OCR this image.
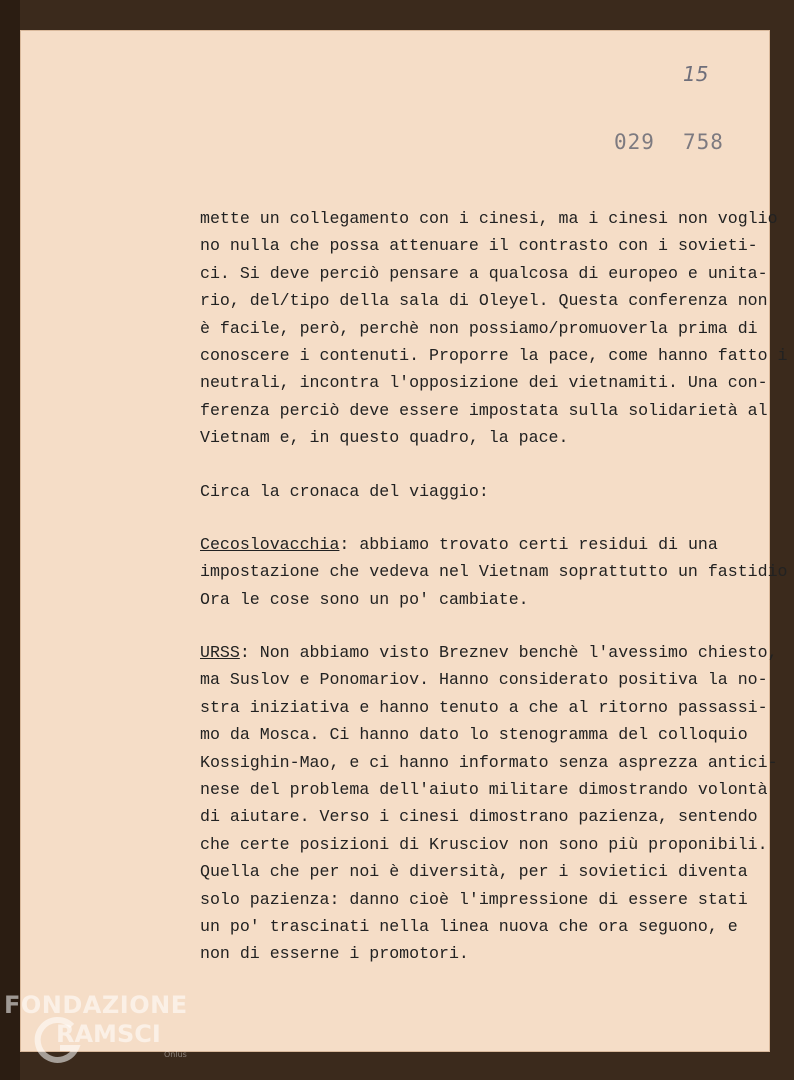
15
029 758
mette un collegamento con i cinesi, ma i cinesi non voglio
no nulla che possa attenuare il contrasto con i sovieti-
ci. Si deve perciò pensare a qualcosa di europeo e unita-
rio, del/tipo della sala di Oleyel. Questa conferenza non
è facile, però, perchè non possiamo/promuoverla prima di
conoscere i contenuti. Proporre la pace, come hanno fatto i
neutrali, incontra l'opposizione dei vietnamiti. Una con-
ferenza perciò deve essere impostata sulla solidarietà al
Vietnam e, in questo quadro, la pace.
Circa la cronaca del viaggio:
Cecoslovacchia: abbiamo trovato certi residui di una
impostazione che vedeva nel Vietnam soprattutto un fastidio
Ora le cose sono un po' cambiate.
URSS: Non abbiamo visto Breznev benchè l'avessimo chiesto,
ma Suslov e Ponomariov. Hanno considerato positiva la no-
stra iniziativa e hanno tenuto a che al ritorno passassi-
mo da Mosca. Ci hanno dato lo stenogramma del colloquio
Kossighin-Mao, e ci hanno informato senza asprezza antici-
nese del problema dell'aiuto militare dimostrando volontà
di aiutare. Verso i cinesi dimostrano pazienza, sentendo
che certe posizioni di Krusciov non sono più proponibili.
Quella che per noi è diversità, per i sovietici diventa
solo pazienza: danno cioè l'impressione di essere stati
un po' trascinati nella linea nuova che ora seguono, e
non di esserne i promotori.
FONDAZIONE
RAMSCI
Onlus
